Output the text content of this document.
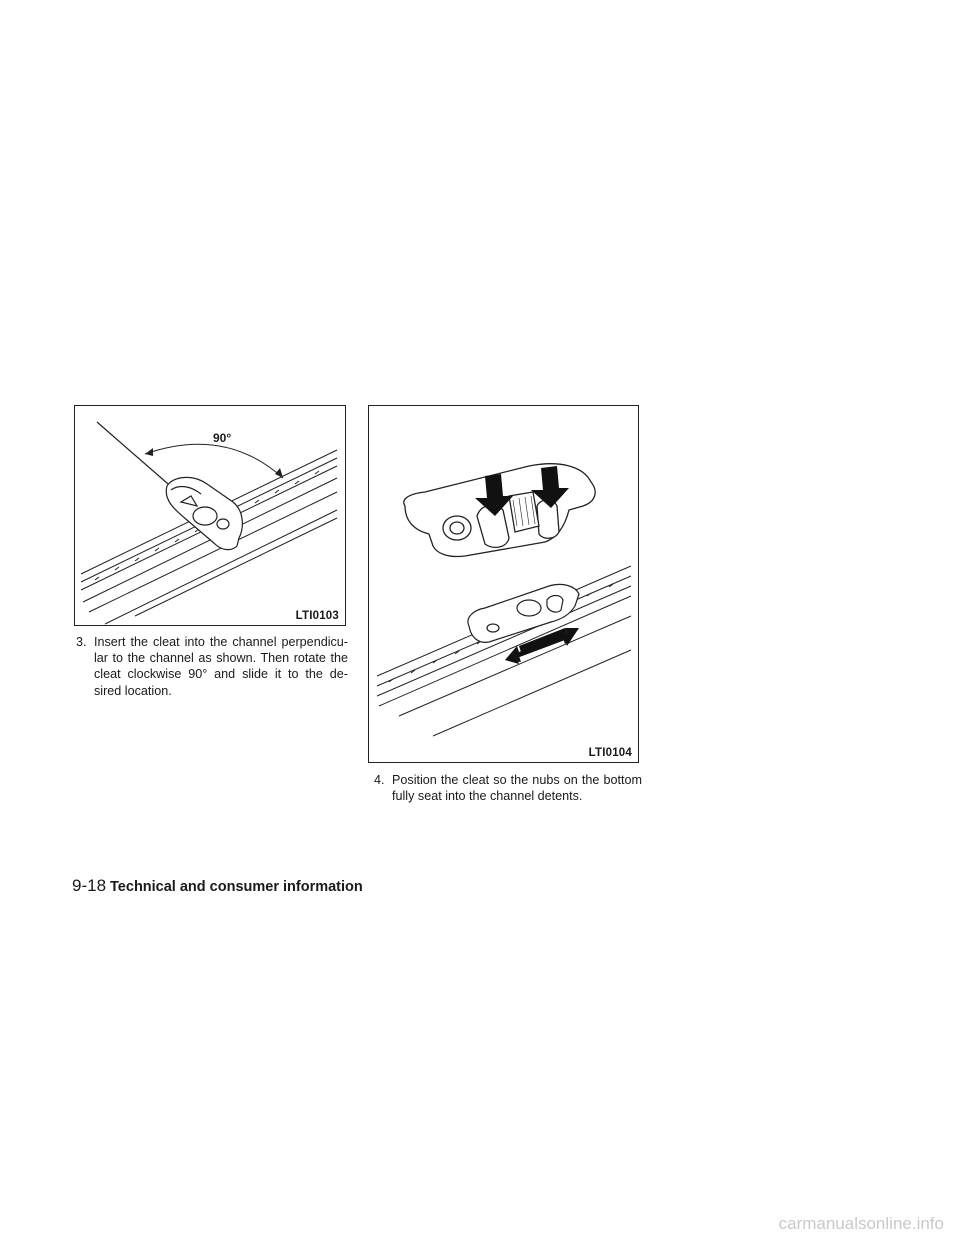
90°
LTI0103
LTI0104
3. Insert the cleat into the channel perpendicu-lar to the channel as shown. Then rotate the cleat clockwise 90° and slide it to the de-sired location.
4. Position the cleat so the nubs on the bottom fully seat into the channel detents.
9-18 Technical and consumer information
carmanualsonline.info
